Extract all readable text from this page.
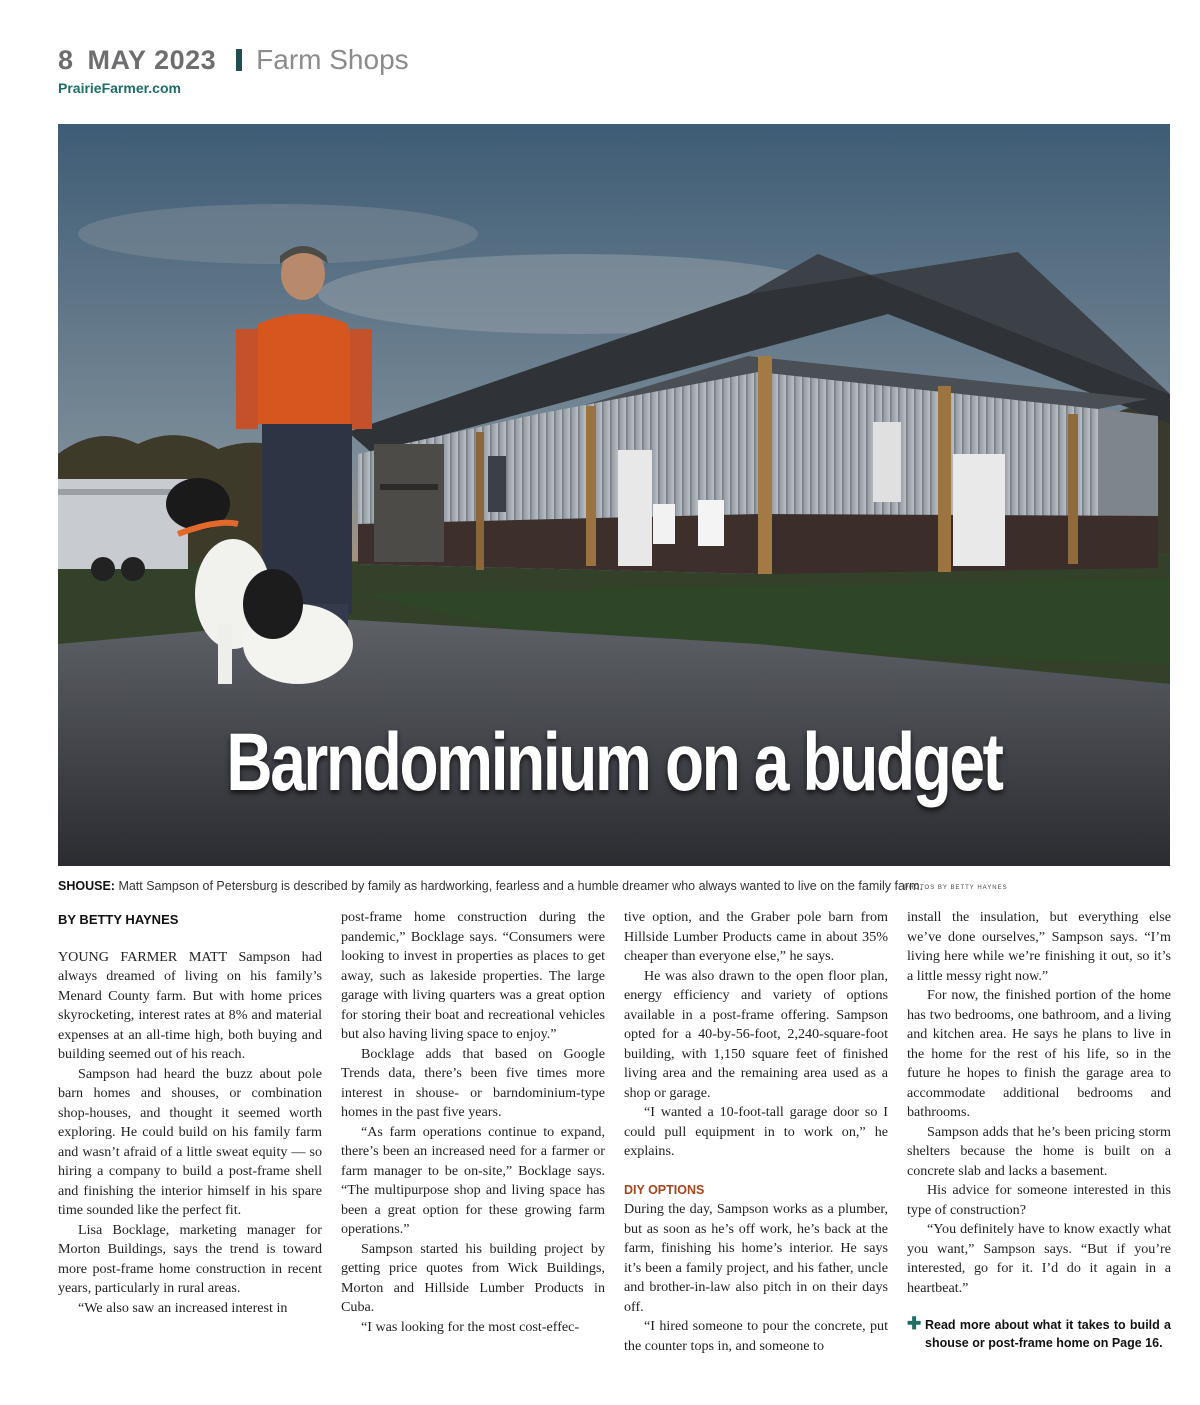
8 MAY 2023 Farm Shops
PrairieFarmer.com
Barndominium on a budget
SHOUSE: Matt Sampson of Petersburg is described by family as hardworking, fearless and a humble dreamer who always wanted to live on the family farm.
PHOTOS BY BETTY HAYNES
BY BETTY HAYNES

YOUNG FARMER MATT Sampson had always dreamed of living on his family’s Menard County farm. But with home prices skyrocketing, interest rates at 8% and material expenses at an all-time high, both buying and building seemed out of his reach.

Sampson had heard the buzz about pole barn homes and shouses, or combination shop-houses, and thought it seemed worth exploring. He could build on his family farm and wasn’t afraid of a little sweat equity — so hiring a company to build a post-frame shell and finishing the interior himself in his spare time sounded like the perfect fit.

Lisa Bocklage, marketing manager for Morton Buildings, says the trend is toward more post-frame home construction in recent years, particularly in rural areas.

“We also saw an increased interest in

post-frame home construction during the pandemic,” Bocklage says. “Consumers were looking to invest in properties as places to get away, such as lakeside properties. The large garage with living quarters was a great option for storing their boat and recreational vehicles but also having living space to enjoy.”

Bocklage adds that based on Google Trends data, there’s been five times more interest in shouse- or barndominium-type homes in the past five years.

“As farm operations continue to expand, there’s been an increased need for a farmer or farm manager to be on-site,” Bocklage says. “The multipurpose shop and living space has been a great option for these growing farm operations.”

Sampson started his building project by getting price quotes from Wick Buildings, Morton and Hillside Lumber Products in Cuba.

“I was looking for the most cost-effec-

tive option, and the Graber pole barn from Hillside Lumber Products came in about 35% cheaper than everyone else,” he says.

He was also drawn to the open floor plan, energy efficiency and variety of options available in a post-frame offering. Sampson opted for a 40-by-56-foot, 2,240-square-foot building, with 1,150 square feet of finished living area and the remaining area used as a shop or garage.

“I wanted a 10-foot-tall garage door so I could pull equipment in to work on,” he explains.

DIY OPTIONS

During the day, Sampson works as a plumber, but as soon as he’s off work, he’s back at the farm, finishing his home’s interior. He says it’s been a family project, and his father, uncle and brother-in-law also pitch in on their days off.

“I hired someone to pour the concrete, put the counter tops in, and someone to

install the insulation, but everything else we’ve done ourselves,” Sampson says. “I’m living here while we’re finishing it out, so it’s a little messy right now.”

For now, the finished portion of the home has two bedrooms, one bathroom, and a living and kitchen area. He says he plans to live in the home for the rest of his life, so in the future he hopes to finish the garage area to accommodate additional bedrooms and bathrooms.

Sampson adds that he’s been pricing storm shelters because the home is built on a concrete slab and lacks a basement.

His advice for someone interested in this type of construction?

“You definitely have to know exactly what you want,” Sampson says. “But if you’re interested, go for it. I’d do it again in a heartbeat.”

✚ Read more about what it takes to build a shouse or post-frame home on Page 16.
